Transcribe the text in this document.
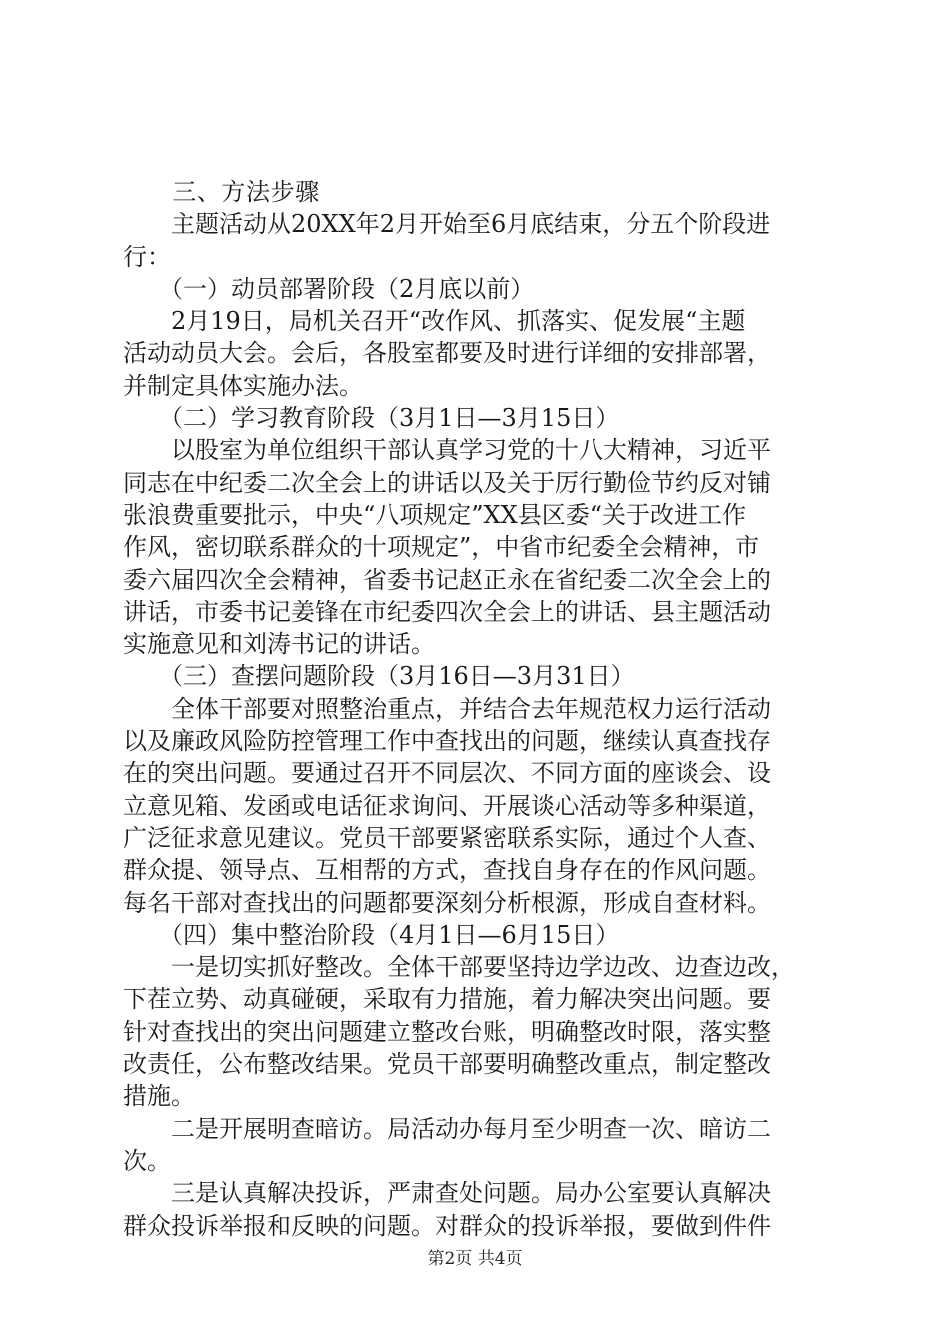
　　三、方法步骤
　　主题活动从20XX年2月开始至6月底结束，分五个阶段进
行：
　　（一）动员部署阶段（2月底以前）
　　2月19日，局机关召开“改作风、抓落实、促发展“主题
活动动员大会。会后，各股室都要及时进行详细的安排部署，
并制定具体实施办法。
　　（二）学习教育阶段（3月1日—3月15日）
　　以股室为单位组织干部认真学习党的十八大精神，习近平
同志在中纪委二次全会上的讲话以及关于厉行勤俭节约反对铺
张浪费重要批示，中央“八项规定”XX县区委“关于改进工作
作风，密切联系群众的十项规定”，中省市纪委全会精神，市
委六届四次全会精神，省委书记赵正永在省纪委二次全会上的
讲话，市委书记姜锋在市纪委四次全会上的讲话、县主题活动
实施意见和刘涛书记的讲话。
　　（三）查摆问题阶段（3月16日—3月31日）
　　全体干部要对照整治重点，并结合去年规范权力运行活动
以及廉政风险防控管理工作中查找出的问题，继续认真查找存
在的突出问题。要通过召开不同层次、不同方面的座谈会、设
立意见箱、发函或电话征求询问、开展谈心活动等多种渠道，
广泛征求意见建议。党员干部要紧密联系实际，通过个人查、
群众提、领导点、互相帮的方式，查找自身存在的作风问题。
每名干部对查找出的问题都要深刻分析根源，形成自查材料。
　　（四）集中整治阶段（4月1日—6月15日）
　　一是切实抓好整改。全体干部要坚持边学边改、边查边改，
下茬立势、动真碰硬，采取有力措施，着力解决突出问题。要
针对查找出的突出问题建立整改台账，明确整改时限，落实整
改责任，公布整改结果。党员干部要明确整改重点，制定整改
措施。
　　二是开展明查暗访。局活动办每月至少明查一次、暗访二
次。
　　三是认真解决投诉，严肃查处问题。局办公室要认真解决
群众投诉举报和反映的问题。对群众的投诉举报，要做到件件
第2页 共4页
